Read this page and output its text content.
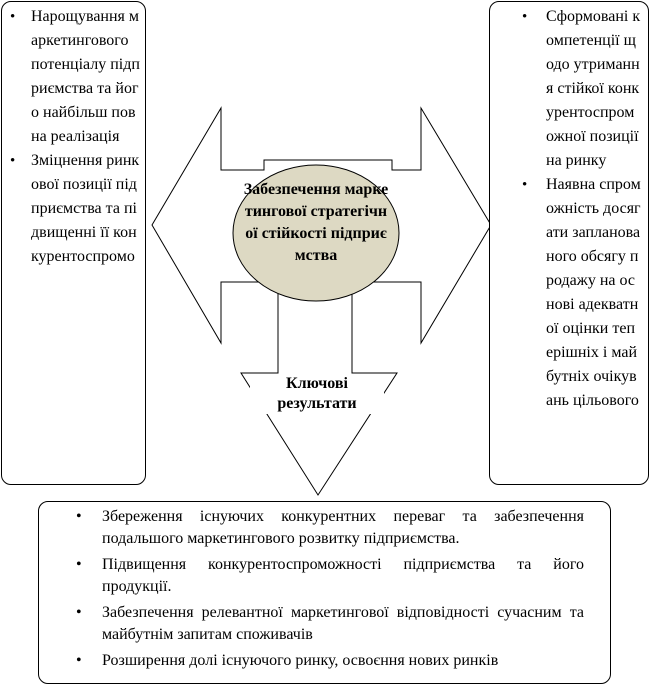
Забезпечення маркетингової стратегічної стійкості підприємства
Ключові результати
• Нарощування маркетингового потенціалу підприємства та його найбільш повна реалізація
• Зміцнення ринкової позиції підприємства та підвищенні її конкурентоспромо
• Сформовані компетенції щодо утримання стійкої конкурентоспроможної позиції на ринку
• Наявна спроможність досягати запланованого обсягу продажу на основі адекватної оцінки теперішніх і майбутніх очікувань цільового
• Збереження існуючих конкурентних переваг та забезпечення подальшого маркетингового розвитку підприємства.
• Підвищення конкурентоспроможності підприємства та його продукції.
• Забезпечення релевантної маркетингової відповідності сучасним та майбутнім запитам споживачів
• Розширення долі існуючого ринку, освоєння нових ринків
